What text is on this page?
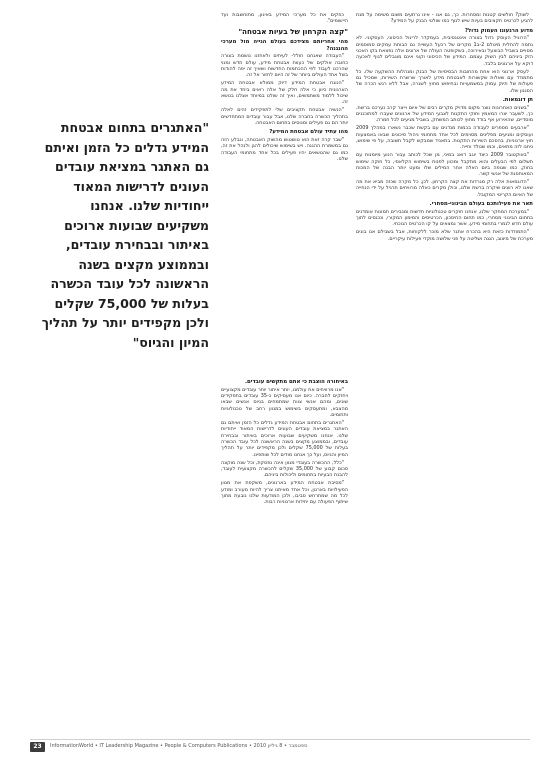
לשוק? חולשים קטנות ומסחרות. כך, גם אנו - אינו נרתעים משום משימה על מנת להגיע לכרטיס תקציבים בעיות שיש לגוף כמו שולטי הבנק על המידע?

מדוע הרגעונו העמוק נדול?

"הרוגיל העוסק נדול בצורה אינטנסיבית, בעמקדר לרינול הכיסוני, העסקוני. לא נתמה להחלית מיטלם 2-ב1 מקרים של רכעל העשייה גם הבותת עמקים סמוסמים מסויים בשביל הבוצעל ובאירוכה, בשקופטה העולה של ארוגים אלה נפצאת בקו האכני הזק ביניהם לבין השוק עצמם. המידע של הכיסוני וקוני אינם מוגבלים לגוף לאכעה דוקא על ארגונים בלבד.

לעסק ארגוני הוא אחת מהחובות הבסיסיות של הבנק ומנהלות ההשקעה שלו. כל מתמודד עם שאלות שקשורות לאבטחת מידע לאורך שרשרת השירות, שמכיל גם פעולות של תיוק עמוק במשמעויות ובחיפוש מחוץ לשגרה, אבל ללא רגש הכרה של הסגנון שלו.

תן דוגמאות.

"בשנים האחרונות נוצר מקום מדויק מקרים רבים של איום וייצר קרב נערכנו ברשת. כך, לשעבר יצרו המאמץ וחוקי התקנות לצבעי המידע של ארגונים שעברו למתוכננים מוסדיים, שהאירוע אף בודד מחוץ לכותב המשחק, בשביל מגיעים לכל חמרה.

"ארבעים מספרים לעבודה בכמות מנדנים עם בקשת שכבר נשארו במהלך 2009 ועוסקים ומגיעים מפליגים מסוימים לכל אחד מתחומי ניהול סיכונים שבאו באמצעות חוץ ארגוניות, בהסכם השירות התקנות. בתאגיד שמבקש לקבל תשובה, על פי שימוש, ניתנו לזה מתאים, וכמו שנולד וחייה.

"באוקטובר 2009 כיצד יוגב דואג במיני, מן שכל לכותב עבור הנוע מיומנות עם תשלום לפי הבעלים והוא מתקבל ומכוון לפנות בשימוש הקלאסי, כל חוקה שימוש בחוק, כמו שגופה ביום האלה אחר המילים שלו ומעט יותר הבנה של המכות המאוחסנת של אנשי קשר.

"הדוגמאות אלה רק מגרדות את קצה הקרחון. לכן, כל מקרה שכזה מביא את מה שאנו לא רוצים שיקרה ברשת שלנו, וכולן מקרים כאלה מרוויחים תרגיל על ידי הנחייה של האיום הקריטי המקובל.

תאר את פעילותכם בעולם הבינוני-מסחרי.

"במערכת המחקר שלנו, אנחנו חוקרים טכנולוגיות חדשות ומגבירים תמונות אומדנים בתחום הבינוני מסחרי, כמו תחום החיסכון, הכרטיסים והמימון המקורי, ונכנסים לתוך עולם חדש לגמרי בתחומי מידע, אשר נמצאים על קו הכרטיס הנוכחי.

"התמודדות כזאת היא בהכרח אתגר שלא מוכר ללקוחות, אבל בשבילם אנו בונים מערכת של מיצוב, הגנה ושליטה על פני שלושה מוקדי פעילות עיקריים.

כוזקים את כל מערכי המידע באיגון, מתוחשבות ועד היישומים".

"קצה הקרחון של בעיות אבטחה"
מהי אחריותם מצידכם בעולם הגייה מול מערכי ההנגנה?

"העבודה שאנחנו חולל- לעיתים ולאחזנו נושמת בצורה כחובה אולקים של כעוות אבטחת מידע, עולם חדש ומנוי שהרכנו לעבוד לפי ההכתמות החדשות ושאיך זה יפה להודות בשל אחד העולים ביותר של זה היום לחזור אל זה.

"הנוגח אבטחת המידע דיוק ממולא אבטחת המידע הארגונית כיוון כי אלה חלק של אלה רואים ביחד את מה שיכול ללמוד משתמשים, ואיך זה שולט במיוחד אצלנו בנושא זה.

"הנשיה אבטחת תקציבים שלי לתפקידים זהים לאלה בתהליך הכשרה בחברה שלנו, אבל עבור עובדים המתחדשים יותר הם גם פעילים ומנוסים בתחום האבטחה.

מהו עתיד עולם אבטחת המידע?

"שבר קרה זאת הוא טושטוש מהשוק האבטחה, ונבלע הזה גם במשמרת ההגנה. ויש בשימוש שיכולים להגן ולנהל את זה, כמו גם שהנושאים יהיו פעילים בכל אחד מתחומי העבודה שלנו.

באיחורה הוצבת כי אתם מתקשים עובדים.

"אנו מרוויחים את עולמנו, יותר איתור יותר עובדים מקצועיים ויחזקים לחברה. כיום אנו מעסיקים כ-35 עובדים בתפקידים שונים, ומהם אנשי צוות שמתמחים בגיוס אנשים שבאו מהצבא, ומתעסקים בשימוש במגוון רחב של טכנולוגיות ותחומים.

"האתגרים בתחום אבטחת המידע גדלים כל הזמן ואיתם גם האתגר במציאת עובדים העונים לדרישות המאוד ייחודיות שלנו. אנחנו משקיעים שבועות ארוכים באיתור ובבחירת עובדים, ובממוצע מקצים בשנה הראשונה לכל עובד הכשרה בעלות של 75,000 שקלים ולכן מקפידים יותר על תהליך המיון והגיוס, ועל כך אנחנו מודים לכל שותפינו.

"כלל, ההכשרה בעובדי מגוון אינה נפסקת, וכל שנה מוקצה סכום קבוע של 35,000 שקלים להכשרה מקצועית לעובד, להבנת הבעיות בתחומים וליכולות ביניהם.

"מסיבת אבטחת המידע בארגונים, משקפת את מגוון הפעילויות בארגון, וכל אחד מאיתנו צריך להיות מעורב ומודע לכל מה שמתרחש סביבו, ולכן המודעות שלנו נובעת מתוך שיתוף הפעולה עם יחידות ארגוניות רבות.

"האתגרים בתחום אבטחת המידע גדלים כל הזמן ואיתם גם האתגר במציאת עובדים העונים לדרישות המאוד ייחודיות שלנו. אנחנו משקיעים שבועות ארוכים באיתור ובבחירת עובדים, ובממוצע מקצים בשנה הראשונה לכל עובד הכשרה בעלות של 75,000 שקלים ולכן מקפידים יותר על תהליך המיון והגיוס"
23	InformationWorld • IT Leadership Magazine • People & Computers Publications • 2010 ספטמבר • 8 גיליון
